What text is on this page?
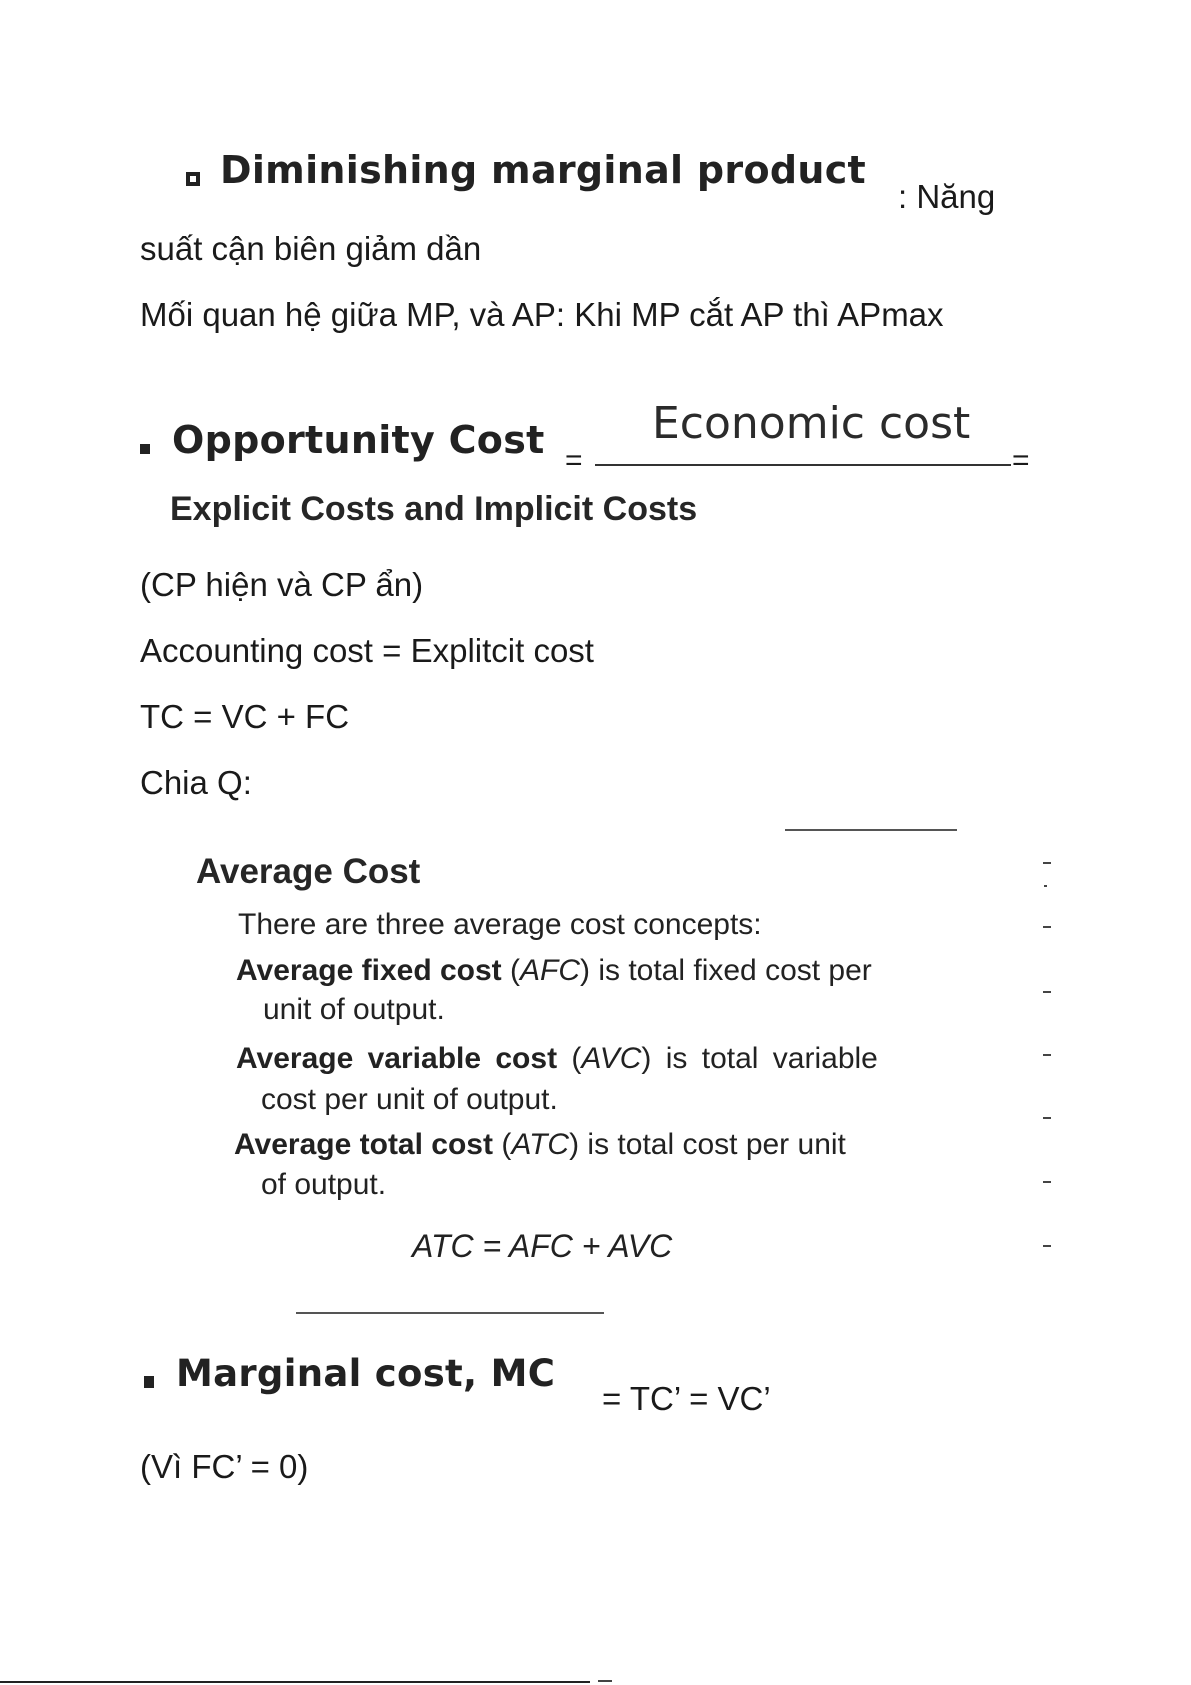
Diminishing marginal product
: Năng
suất cận biên giảm dần
Mối quan hệ giữa MP, và AP: Khi MP cắt AP thì APmax
Opportunity Cost =
Economic cost
=
Explicit Costs and Implicit Costs
(CP hiện và CP ẩn)
Accounting cost = Explitcit cost
TC = VC + FC
Chia Q:
Average Cost
There are three average cost concepts:
Average fixed cost (AFC) is total fixed cost per
unit of output.
Average variable cost (AVC) is total variable
cost per unit of output.
Average total cost (ATC) is total cost per unit
of output.
ATC = AFC + AVC
Marginal cost, MC
= TC’ = VC’
(Vì FC’ = 0)
